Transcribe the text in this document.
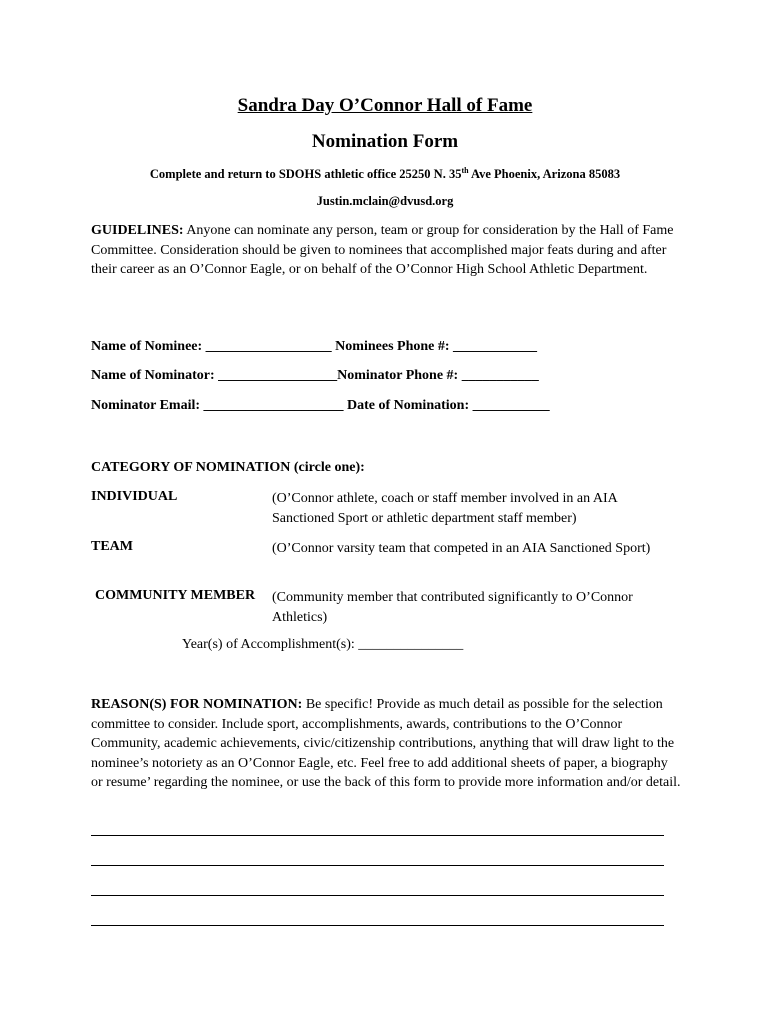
Sandra Day O’Connor Hall of Fame
Nomination Form
Complete and return to SDOHS athletic office 25250 N. 35th Ave Phoenix, Arizona 85083
Justin.mclain@dvusd.org
GUIDELINES: Anyone can nominate any person, team or group for consideration by the Hall of Fame Committee. Consideration should be given to nominees that accomplished major feats during and after their career as an O’Connor Eagle, or on behalf of the O’Connor High School Athletic Department.
Name of Nominee: __________________ Nominees Phone #: ____________
Name of Nominator: _________________Nominator Phone #: ___________
Nominator Email: ____________________ Date of Nomination: ___________
CATEGORY OF NOMINATION (circle one):
INDIVIDUAL	(O’Connor athlete, coach or staff member involved in an AIA Sanctioned Sport or athletic department staff member)
TEAM	(O’Connor varsity team that competed in an AIA Sanctioned Sport)
COMMUNITY MEMBER (Community member that contributed significantly to O’Connor Athletics)
Year(s) of Accomplishment(s): _______________
REASON(S) FOR NOMINATION: Be specific! Provide as much detail as possible for the selection committee to consider. Include sport, accomplishments, awards, contributions to the O’Connor Community, academic achievements, civic/citizenship contributions, anything that will draw light to the nominee’s notoriety as an O’Connor Eagle, etc. Feel free to add additional sheets of paper, a biography or resume’ regarding the nominee, or use the back of this form to provide more information and/or detail.
